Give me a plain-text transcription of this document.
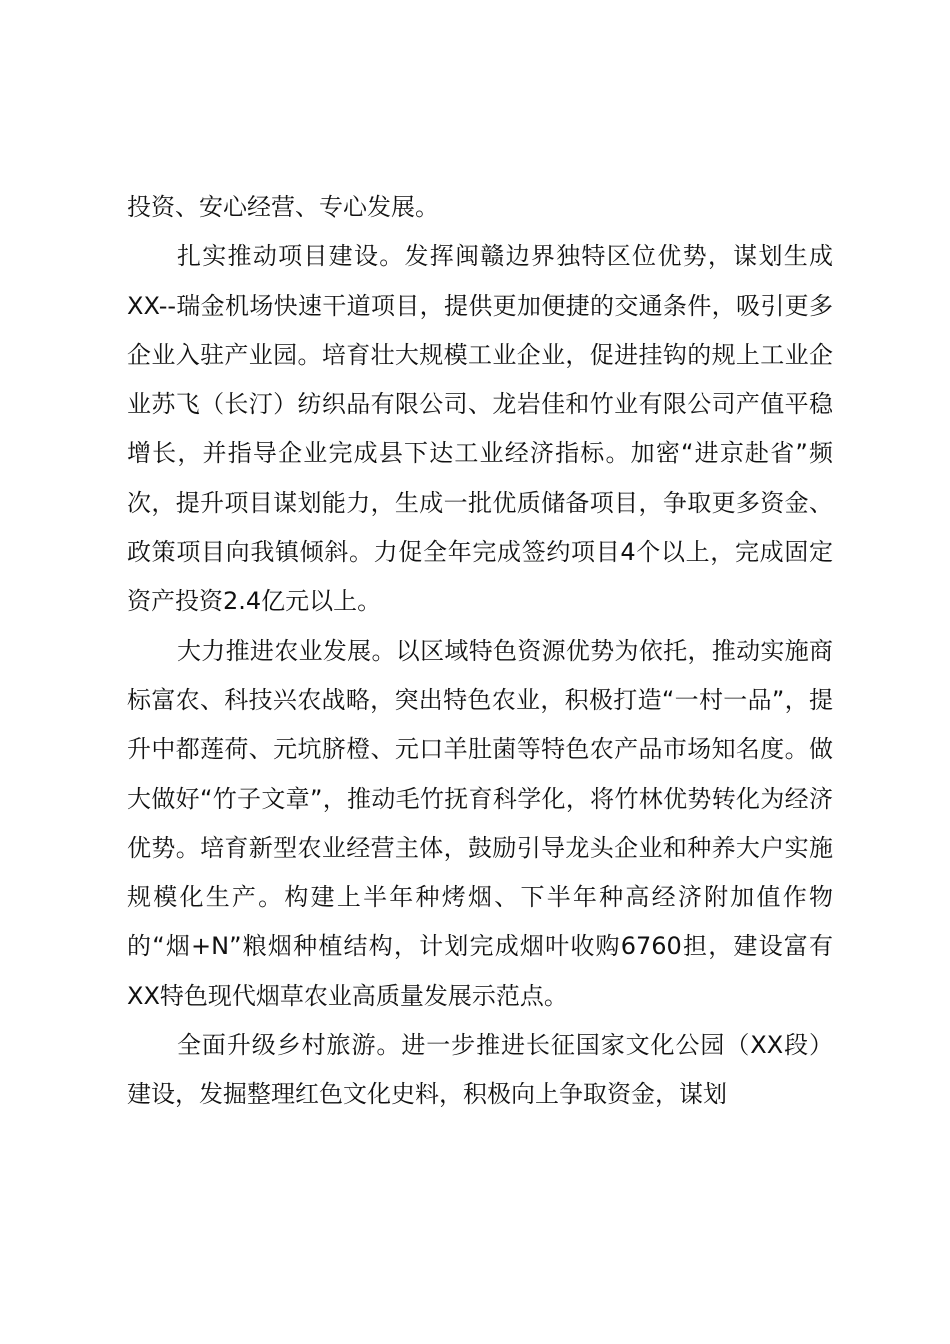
投资、安心经营、专心发展。

扎实推动项目建设。发挥闽赣边界独特区位优势，谋划生成XX--瑞金机场快速干道项目，提供更加便捷的交通条件，吸引更多企业入驻产业园。培育壮大规模工业企业，促进挂钩的规上工业企业苏飞（长汀）纺织品有限公司、龙岩佳和竹业有限公司产值平稳增长，并指导企业完成县下达工业经济指标。加密“进京赴省”频次，提升项目谋划能力，生成一批优质储备项目，争取更多资金、政策项目向我镇倾斜。力促全年完成签约项目4个以上，完成固定资产投资2.4亿元以上。

大力推进农业发展。以区域特色资源优势为依托，推动实施商标富农、科技兴农战略，突出特色农业，积极打造“一村一品”，提升中都莲荷、元坑脐橙、元口羊肚菌等特色农产品市场知名度。做大做好“竹子文章”，推动毛竹抚育科学化，将竹林优势转化为经济优势。培育新型农业经营主体，鼓励引导龙头企业和种养大户实施规模化生产。构建上半年种烤烟、下半年种高经济附加值作物的“烟+N”粮烟种植结构，计划完成烟叶收购6760担，建设富有XX特色现代烟草农业高质量发展示范点。

全面升级乡村旅游。进一步推进长征国家文化公园（XX段）建设，发掘整理红色文化史料，积极向上争取资金，谋划
